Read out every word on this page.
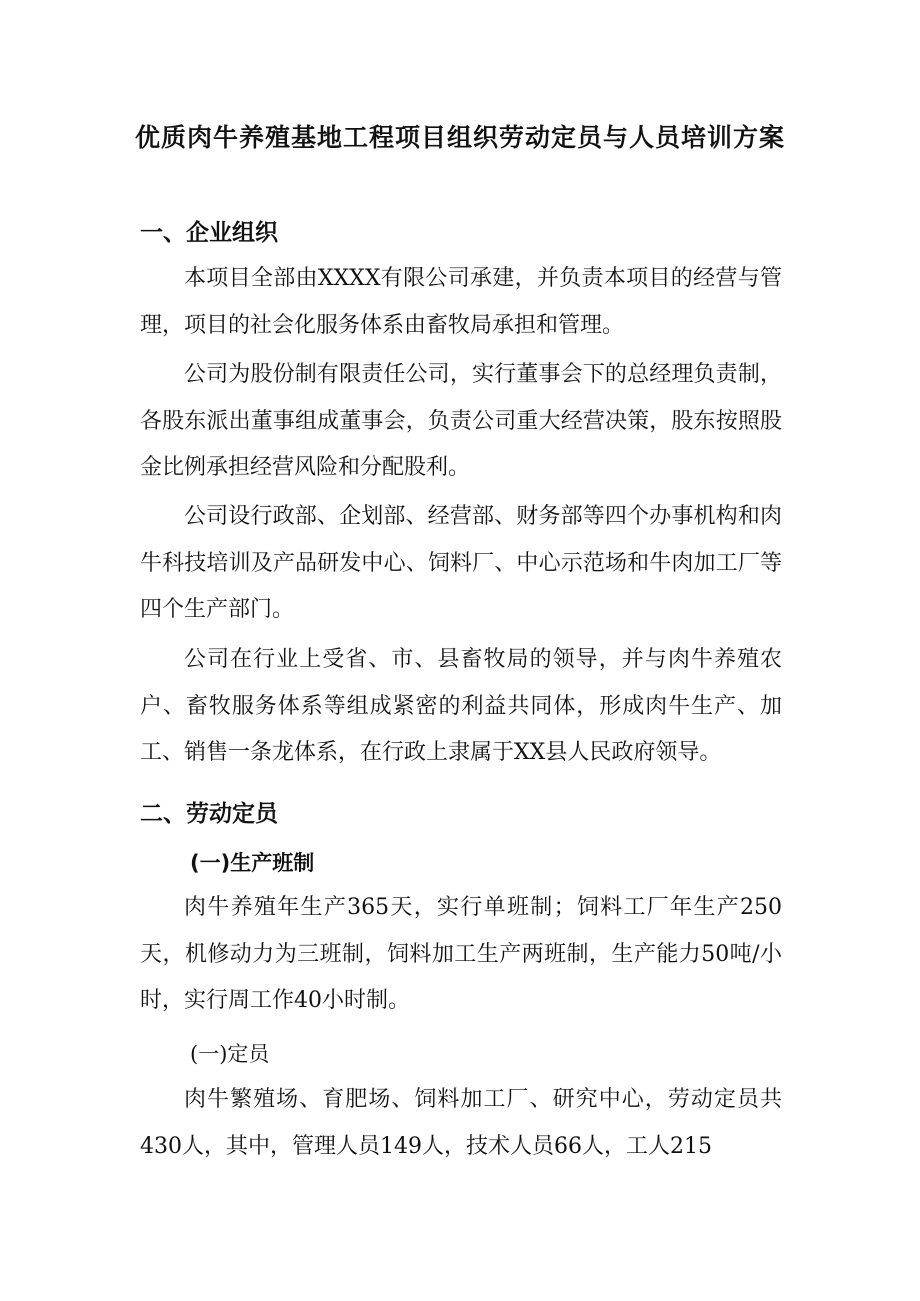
优质肉牛养殖基地工程项目组织劳动定员与人员培训方案
一、企业组织

本项目全部由XXXX有限公司承建，并负责本项目的经营与管理，项目的社会化服务体系由畜牧局承担和管理。

公司为股份制有限责任公司，实行董事会下的总经理负责制，各股东派出董事组成董事会，负责公司重大经营决策，股东按照股金比例承担经营风险和分配股利。

公司设行政部、企划部、经营部、财务部等四个办事机构和肉牛科技培训及产品研发中心、饲料厂、中心示范场和牛肉加工厂等四个生产部门。

公司在行业上受省、市、县畜牧局的领导，并与肉牛养殖农户、畜牧服务体系等组成紧密的利益共同体，形成肉牛生产、加工、销售一条龙体系，在行政上隶属于XX县人民政府领导。

二、劳动定员
(一)生产班制

肉牛养殖年生产365天，实行单班制；饲料工厂年生产250天，机修动力为三班制，饲料加工生产两班制，生产能力50吨/小时，实行周工作40小时制。

(一)定员

肉牛繁殖场、育肥场、饲料加工厂、研究中心，劳动定员共430人，其中，管理人员149人，技术人员66人，工人215
